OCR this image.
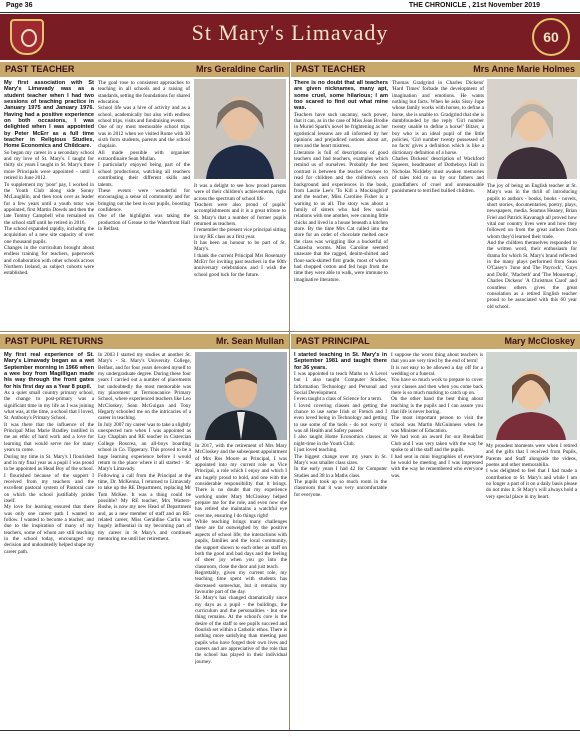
Page 36	THE CHRONICLE , 21st November 2019
St Mary's Limavady	60
PAST TEACHER	Mrs Geraldine Carlin PAST TEACHER	Mrs Anne Marie Holmes
PAST PUPIL RETURNS	Mr. Sean Mullan PAST PRINCIPAL	Mary McCloskey

My first association with St Mary's Limavady was as a student teacher when I had two sessions of teaching practice in January 1975 and January 1976. Having had a positive experience on both occasions, I was delighted when I was appointed by Peter McErr as a full time teacher in Religious Studies, Home Economics and Childcare.

So began my career in a secondary school and my love of St. Mary's. I taught for thirty six years I taught in St. Mary's three more Principals were appointed - until I retired in June 2012.

To supplement my 'poor' pay, I worked in the Youth Club along side Sonny McLaughlin, and then took over as leader for a few years until a youth tutor was appointed, first Martin Dowds and then the late Tommy Campbell who remained on the school staff until he retired in 2016.

The school expanded rapidly, including the acquisition of a new site capacity of over one thousand pupils.

Changes in the curriculum brought about endless training for teachers, paperwork and collaboration with other schools across Northern Ireland, as subject cohorts were established.

The goal rose to consistent approaches to teaching in all schools and a raising of standards, setting the foundations for shared education.

School life was a hive of activity and as a school, academically but also with endless school trips, visits and fundraising events.

One of my most memorable school trips was in 2012 when we visited Rome with 30 sixth form students, parents and the school chaplain.

All made possible with organiser extraordinaire Sean Mullan.

I particularly enjoyed being part of the school productions, watching all teachers contributing their different skills and talents.

These events were wonderful for encouraging a sense of community and for bringing out the best in our pupils, boosting confidence.

One of the highlights was taking the production of Grease to the Waterfront Hall in Belfast.

It was a delight to see how proud parents were of their children's achievements, right across the spectrum of school life.

Teachers were also proud of pupils' accomplishments and it is a great tribute to St. Mary's that a number of former pupils returned as teachers.

I remember the present vice principal sitting in my RE class as a first year.

It has been an honour to be part of St. Mary's.

I thank the current Principal Mrs Rosemary McErr for inviting past teachers in the 60th anniversary celebrations and I wish the school good luck for the future.

There is no doubt that all teachers are given nicknames, many apt, some cruel, some hilarious; I am too scared to find out what mine was.

Teachers have such uncanny, such power, that it can, as in the case of Miss Jean Brodie in Muriel Spark's novel be frightening as her egotistical lessons are all informed by her opinions and prejudiced notions about art, men and the heart mistress.

Literature is full of descriptions of good teachers and bad teachers, examples which remind us of ourselves. Probably the best contrast is between the teacher chooses to read for children and the children's own background and experiences in the book, from Laurie Lee's 'To Kill a Mockingbird' and the teacher, Miss Caroline Fisher is a warning to us all. The story was about a family of sisters who had few social relations with one another, wee cunning little chicks and lived in a house beneath a kitchen store. By the time Mrs Cat called into the store for an order of chocolate melted once the class was wriggling like a bucketful of Catawba worms. Miss Caroline seemed unaware that the ragged, denim-shirted and flour-sack-skirted first grade, most of whom had chopped cotton and fed hogs from the time they were able to walk, were immune to imaginative literature.

Thomas Gradgrind in Charles Dickens' 'Hard Times' forbade the development of imagination and emotions. He wants nothing but facts. When he asks Sissy Jupe whose family works with horses, to define a horse, she is unable to. Gradgrind that she is dumbfounded by the reply 'Girl number twenty unable to define a horse!' Bitzer, a boy who is an ideal pupil of the little policies, 'Girl number twenty possessed of no facts' gives a definition which is like a dictionary definition of a horse.

Charles Dickens' description of Wackford Squeers, headmaster of Dotheboys Hall in Nicholas Nickleby must awaken memories of tales told to us by our fathers and grandfathers of cruel and unreasonable punishment to terrified bullied children.

The joy of being an English teacher at St. Mary's was in the thrill of introducing pupils to authors - books, books - novels, short stories, documentaries, poetry, plays, newspapers, media. Seamus Heaney, Brian Friel and Patrick Kavanagh all proved how vital our country lives were and how they followed on from the great authors from whom they'd learned their trade.

And the children themselves responded to the written word, their enthusiasm for drama for which St. Mary's brand reflected in the many plays performed from Sean O'Casey's 'Juno and The Paycock', 'Guys and Dolls', 'Macbeth' and 'The Mousetrap', Charles Dickens' 'A Christmas Carol' and countless others gives the great consolation as a retired English teacher proud to be associated with this 60 year old school.

My first real experience of St. Mary's Limavady began as a wet September morning in 1966 when a wee boy from Magilligan made his way through the front gates for his first day as a Year 8 pupil.

As a quiet small country primary school, the change to post-primary was a significant time in my life as I was joining what was, at the time, a school that I loved, St. Anthony's Primary School.

It was there that the influence of the Principal Miss Marie Bradley instilled in me an ethic of hard work and a love for learning that would serve me for many years to come.

During my time in St. Mary's I flourished and in my final year as a pupil I was proud to be appointed as Head Boy of the school. I flourished because of the support I received from my teachers and the excellent pastoral system of Pastoral care on which the school justifiably prides itself.

My love for learning ensured that there was only one career path I wanted to follow. I wanted to become a teacher, and due to the inspiration of many of my teachers, some of whom are still teaching in the school today, encouraged my decision and undoubtedly helped shape my career path.

In 2003 I started my studies at another St. Mary's - St. Mary's University College, Belfast, and for four years devoted myself to my undergraduate degree. During these four years I carried out a number of placements but undoubtedly the most memorable was my placement at Termoncanice Primary School, where experienced teachers like Leo McCloskey, Sean McGuigan and Tony Hegarty schooled me on the intricacies of a career in teaching.

In July 2007 my career was to take a slightly unexpected turn when I was appointed as Lay Chaplain and RE teacher in Cistercian College Roscrea, an all-boys boarding school in Co. Tipperary. This proved to be a huge learning experience before I would return to the place where it all started - St. Mary's Limavady.

Following a call from the Principal at the time, Dr. McKenna, I returned to Limavady to take up the RE Department, replacing Mr Tom McKee. It was a thing could be possible? My RE teacher, Mrs Watters-Rushe, is now my new Head of Department and, as a new member of staff and an RE-related career, Miss Geraldine Carlin was hugely influential in my becoming part of my career in St Mary's and continues mentoring me until her retirement.

In 2017, with the retirement of Mrs Mary McCloskey and the subsequent appointment of Mrs Ros Moore as Principal, I was appointed into my current role as Vice Principal, a role which I enjoy and which I am hugely proud to hold, and one with the considerable responsibility that it brings. There is no doubt that my experience working under Mary McCloskey helped prepare me for the role, and even now she has retired she maintains a watchful eye over me, ensuring I do things right!

While teaching brings many challenges these are far outweighed by the positive aspects of school life; the interactions with pupils, families and the local community, the support shown to each other as staff on both the good and bad days and the feeling of sheer joy when you go into the classroom, close the door and just teach.

Regrettably, given my current role, my teaching time spent with students has decreased somewhat, but it remains my favourite part of the day.

St. Mary's has changed dramatically since my days as a pupil - the buildings, the curriculum and the personalities - but one thing remains. At the school's core is the desire of the staff to see pupils succeed and flourish set within a Catholic ethos. There is nothing more satisfying than meeting past pupils who have forged their own lives and careers and are appreciative of the role that the school has played in their individual journey.

I started teaching in St. Mary's in September 1981 and taught there for 36 years.

I was appointed to teach Maths to A Level but I also taught Computer Studies, Information Technology and Personal and Social Development.

I even taught a class of Science for a term.

I loved covering classes and getting the chance to use some Irish or French and I even loved being in Technology and getting to use some of the tools - do not worry it was all Health and Safety passed.

I also taught Home Economics classes at night-time in the Youth Club.

I just loved teaching.

The biggest change over my years in St. Mary's was smaller class sizes.

In the early years I had 42 for Computer Studies and 38 in a Maths class.

The pupils took up so much room in the classroom that it was very uncomfortable for everyone.

I suppose the worst thing about teachers is that you are very tired by the end of term!

It is not easy to be allowed a day off for a wedding or a funeral.

You have so much work to prepare to cover your classes and then when you come back there is so much marking to catch up on.

On the other hand the best thing about teaching is the pupils and I can assure you that life is never boring.

The most important person to visit the school was Martin McGuinness when he was Minister of Education.

We had won an award for our Breakfast Club and I was very taken with the way he spoke to all the staff and the pupils.

I had sent in mini biographies of everyone he would be meeting and I was impressed with the way he remembered who everyone was.

My proudest moments were when I retired and the gifts that I received from Pupils, Parents and Staff alongside the videos, poems and other memorabilia.

I was delighted to feel that I had made a contribution to St. Mary's and while I am no longer a part of it on a daily basis please do not miss it. St Mary's will always hold a very special place in my heart.
